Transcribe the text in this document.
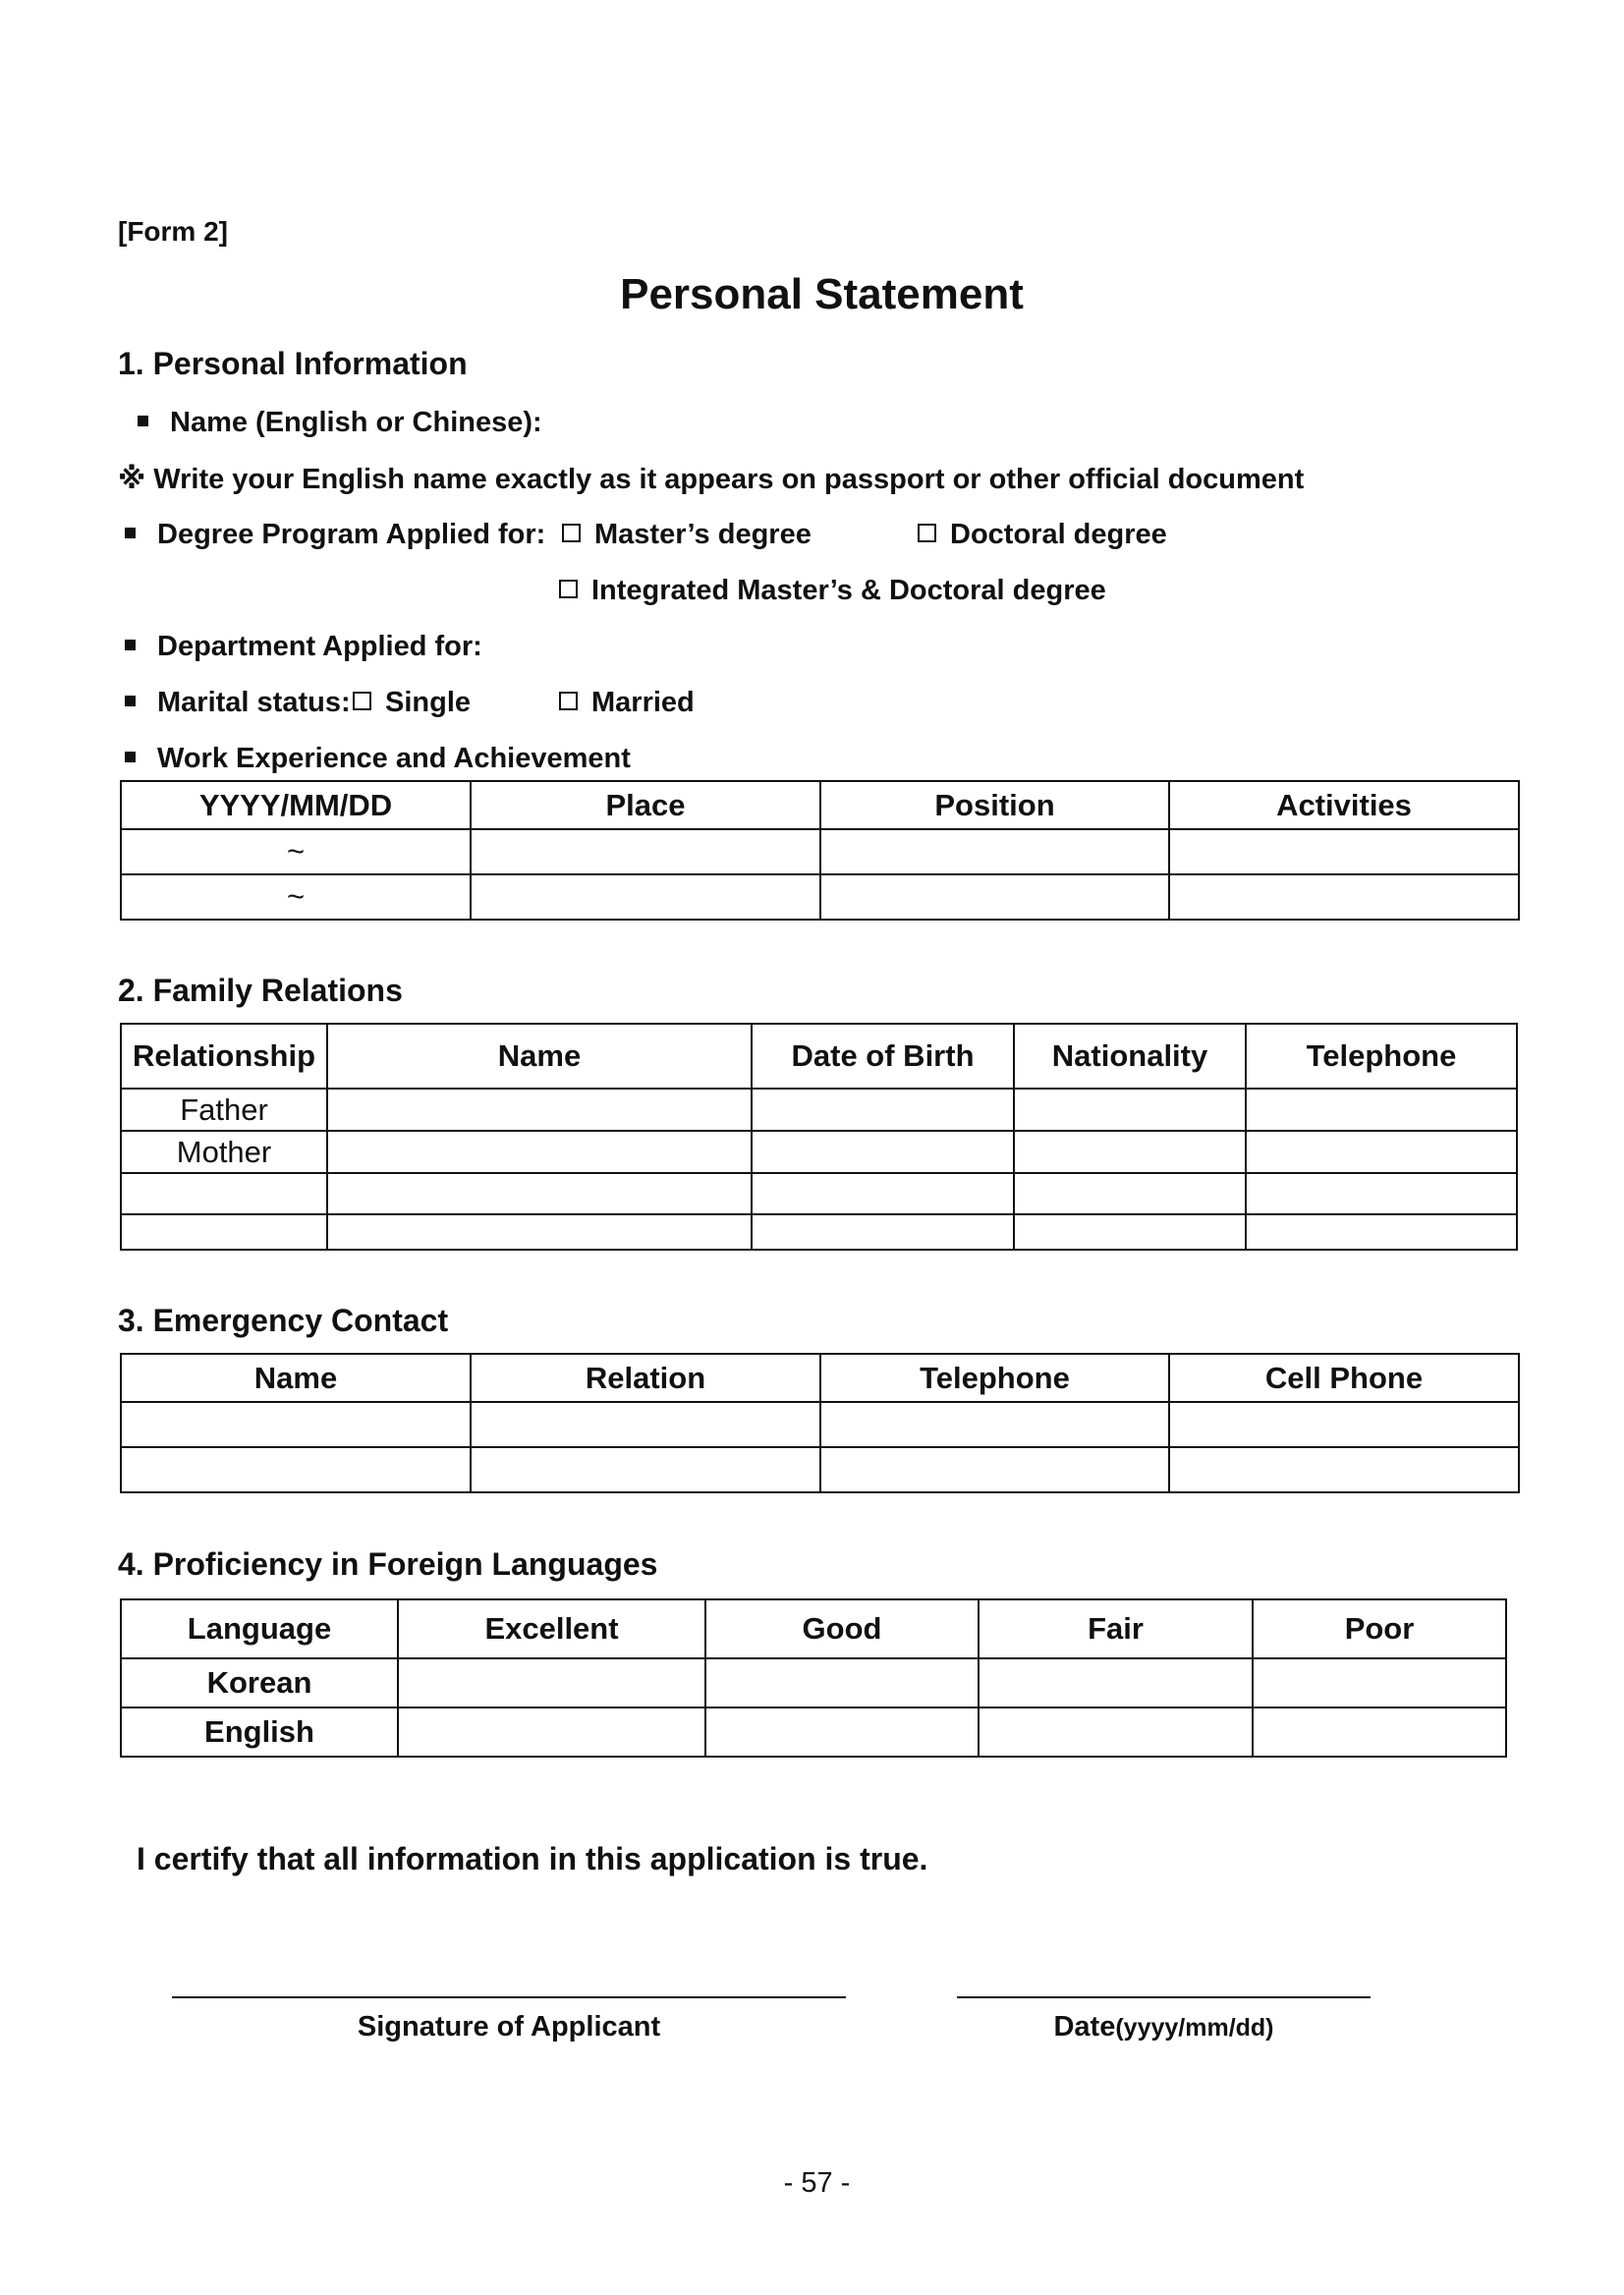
[Form 2]
Personal Statement
1. Personal Information
Name (English or Chinese):
※ Write your English name exactly as it appears on passport or other official document
Degree Program Applied for:	Master’s degree	Doctoral degree
Integrated Master’s & Doctoral degree
Department Applied for:
Marital status:	Single	Married
Work Experience and Achievement
YYYY/MM/DD	Place	Position	Activities
~			
~			
2. Family Relations
Relationship	Name	Date of Birth	Nationality	Telephone
Father				
Mother				

3. Emergency Contact
Name	Relation	Telephone	Cell Phone

4. Proficiency in Foreign Languages
Language	Excellent	Good	Fair	Poor
Korean				
English				
I certify that all information in this application is true.
Signature of Applicant	Date(yyyy/mm/dd)
- 57 -
